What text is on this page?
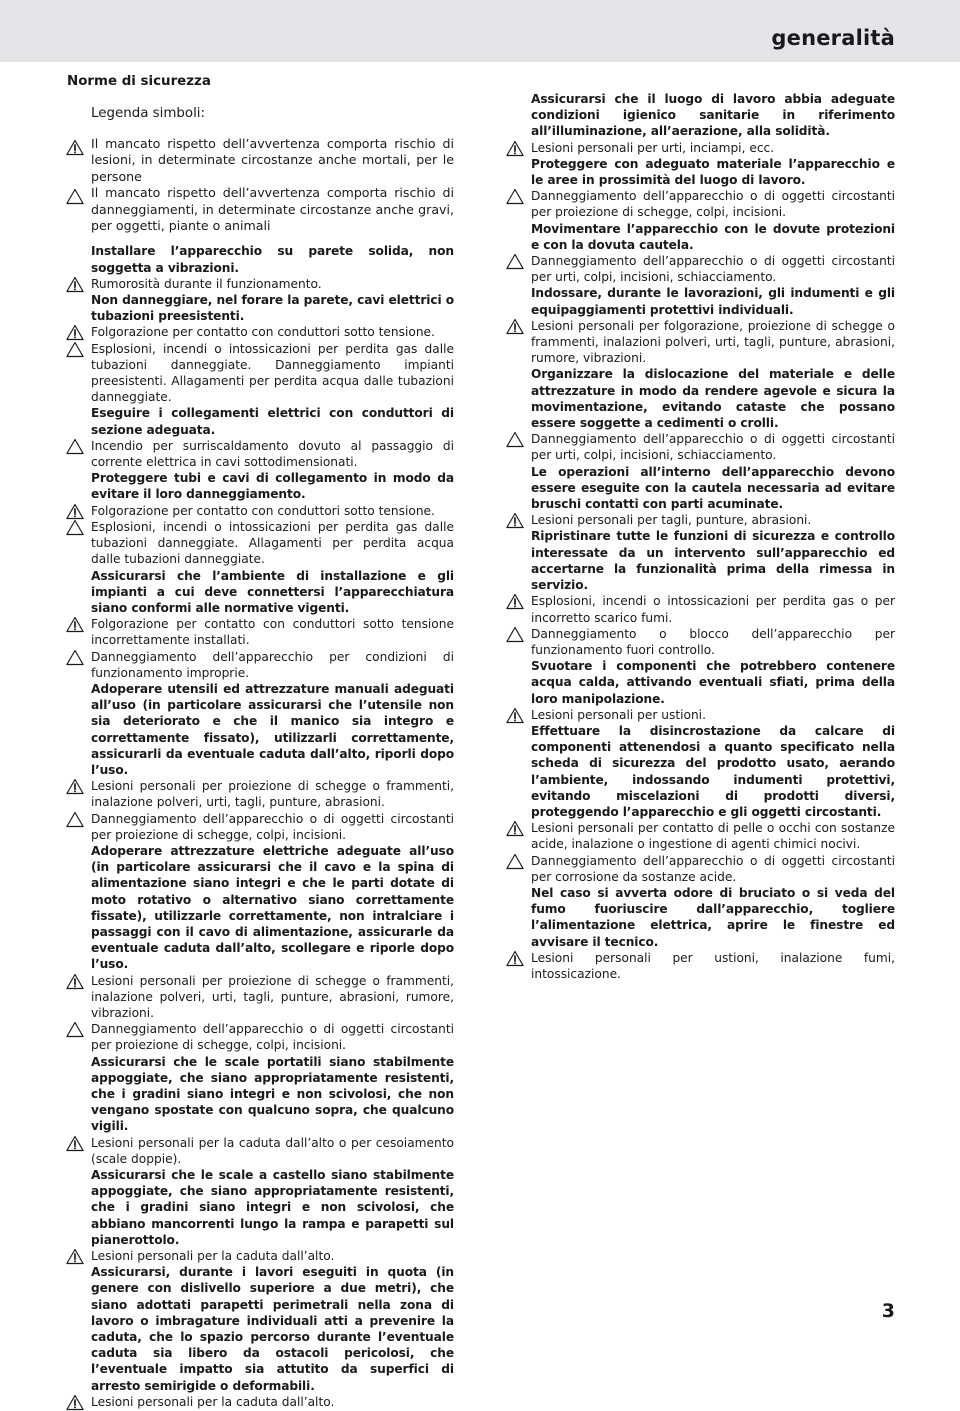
generalità
Norme di sicurezza
Legenda simboli:

Il mancato rispetto dell’avvertenza comporta rischio di lesioni, in determinate circostanze anche mortali, per le persone

Il mancato rispetto dell’avvertenza comporta rischio di danneggiamenti, in determinate circostanze anche gravi, per oggetti, piante o animali

Installare l’apparecchio su parete solida, non soggetta a vibrazioni.

Rumorosità durante il funzionamento.

Non danneggiare, nel forare la parete, cavi elettrici o tubazioni preesistenti.

Folgorazione per contatto con conduttori sotto tensione.

Esplosioni, incendi o intossicazioni per perdita gas dalle tubazioni danneggiate. Danneggiamento impianti preesistenti. Allagamenti per perdita acqua dalle tubazioni danneggiate.

Eseguire i collegamenti elettrici con conduttori di sezione adeguata.

Incendio per surriscaldamento dovuto al passaggio di corrente elettrica in cavi sottodimensionati.

Proteggere tubi e cavi di collegamento in modo da evitare il loro danneggiamento.

Folgorazione per contatto con conduttori sotto tensione.

Esplosioni, incendi o intossicazioni per perdita gas dalle tubazioni danneggiate. Allagamenti per perdita acqua dalle tubazioni danneggiate.

Assicurarsi che l’ambiente di installazione e gli impianti a cui deve connettersi l’apparecchiatura siano conformi alle normative vigenti.

Folgorazione per contatto con conduttori sotto tensione incorrettamente installati.

Danneggiamento dell’apparecchio per condizioni di funzionamento improprie.

Adoperare utensili ed attrezzature manuali adeguati all’uso (in particolare assicurarsi che l’utensile non sia deteriorato e che il manico sia integro e correttamente fissato), utilizzarli correttamente, assicurarli da eventuale caduta dall’alto, riporli dopo l’uso.

Lesioni personali per proiezione di schegge o frammenti, inalazione polveri, urti, tagli, punture, abrasioni.

Danneggiamento dell’apparecchio o di oggetti circostanti per proiezione di schegge, colpi, incisioni.

Adoperare attrezzature elettriche adeguate all’uso (in particolare assicurarsi che il cavo e la spina di alimentazione siano integri e che le parti dotate di moto rotativo o alternativo siano correttamente fissate), utilizzarle correttamente, non intralciare i passaggi con il cavo di alimentazione, assicurarle da eventuale caduta dall’alto, scollegare e riporle dopo l’uso.

Lesioni personali per proiezione di schegge o frammenti, inalazione polveri, urti, tagli, punture, abrasioni, rumore, vibrazioni.

Danneggiamento dell’apparecchio o di oggetti circostanti per proiezione di schegge, colpi, incisioni.

Assicurarsi che le scale portatili siano stabilmente appoggiate, che siano appropriatamente resistenti, che i gradini siano integri e non scivolosi, che non vengano spostate con qualcuno sopra, che qualcuno vigili.

Lesioni personali per la caduta dall’alto o per cesoiamento (scale doppie).

Assicurarsi che le scale a castello siano stabilmente appoggiate, che siano appropriatamente resistenti, che i gradini siano integri e non scivolosi, che abbiano mancorrenti lungo la rampa e parapetti sul pianerottolo.

Lesioni personali per la caduta dall’alto.

Assicurarsi, durante i lavori eseguiti in quota (in genere con dislivello superiore a due metri), che siano adottati parapetti perimetrali nella zona di lavoro o imbragature individuali atti a prevenire la caduta, che lo spazio percorso durante l’eventuale caduta sia libero da ostacoli pericolosi, che l’eventuale impatto sia attutito da superfici di arresto semirigide o deformabili.

Lesioni personali per la caduta dall’alto.

Assicurarsi che il luogo di lavoro abbia adeguate condizioni igienico sanitarie in riferimento all’illuminazione, all’aerazione, alla solidità.

Lesioni personali per urti, inciampi, ecc.

Proteggere con adeguato materiale l’apparecchio e le aree in prossimità del luogo di lavoro.

Danneggiamento dell’apparecchio o di oggetti circostanti per proiezione di schegge, colpi, incisioni.

Movimentare l’apparecchio con le dovute protezioni e con la dovuta cautela.

Danneggiamento dell’apparecchio o di oggetti circostanti per urti, colpi, incisioni, schiacciamento.

Indossare, durante le lavorazioni, gli indumenti e gli equipaggiamenti protettivi individuali.

Lesioni personali per folgorazione, proiezione di schegge o frammenti, inalazioni polveri, urti, tagli, punture, abrasioni, rumore, vibrazioni.

Organizzare la dislocazione del materiale e delle attrezzature in modo da rendere agevole e sicura la movimentazione, evitando cataste che possano essere soggette a cedimenti o crolli.

Danneggiamento dell’apparecchio o di oggetti circostanti per urti, colpi, incisioni, schiacciamento.

Le operazioni all’interno dell’apparecchio devono essere eseguite con la cautela necessaria ad evitare bruschi contatti con parti acuminate.

Lesioni personali per tagli, punture, abrasioni.

Ripristinare tutte le funzioni di sicurezza e controllo interessate da un intervento sull’apparecchio ed accertarne la funzionalità prima della rimessa in servizio.

Esplosioni, incendi o intossicazioni per perdita gas o per incorretto scarico fumi.

Danneggiamento o blocco dell’apparecchio per funzionamento fuori controllo.

Svuotare i componenti che potrebbero contenere acqua calda, attivando eventuali sfiati, prima della loro manipolazione.

Lesioni personali per ustioni.

Effettuare la disincrostazione da calcare di componenti attenendosi a quanto specificato nella scheda di sicurezza del prodotto usato, aerando l’ambiente, indossando indumenti protettivi, evitando miscelazioni di prodotti diversi, proteggendo l’apparecchio e gli oggetti circostanti.

Lesioni personali per contatto di pelle o occhi con sostanze acide, inalazione o ingestione di agenti chimici nocivi.

Danneggiamento dell’apparecchio o di oggetti circostanti per corrosione da sostanze acide.

Nel caso si avverta odore di bruciato o si veda del fumo fuoriuscire dall’apparecchio, togliere l’alimentazione elettrica, aprire le finestre ed avvisare il tecnico.

Lesioni personali per ustioni, inalazione fumi, intossicazione.

3
